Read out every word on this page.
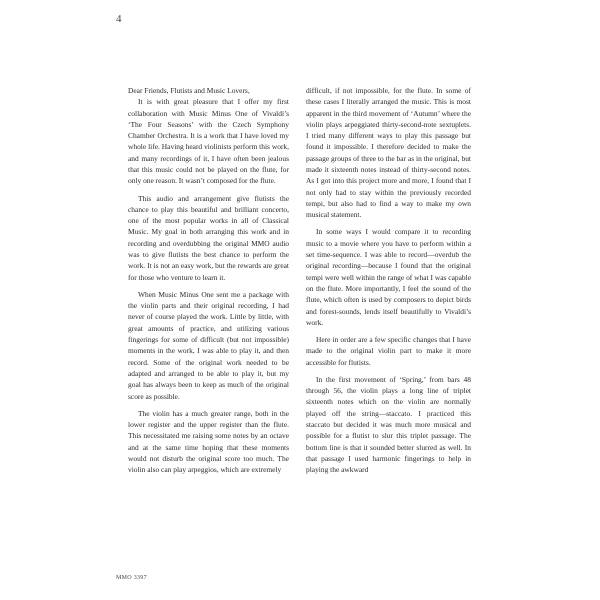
4

Dear Friends, Flutists and Music Lovers,

It is with great pleasure that I offer my first collaboration with Music Minus One of Vivaldi’s ‘The Four Seasons’ with the Czech Symphony Chamber Orchestra. It is a work that I have loved my whole life. Having heard violinists perform this work, and many recordings of it, I have often been jealous that this music could not be played on the flute, for only one reason. It wasn’t composed for the flute.

This audio and arrangement give flutists the chance to play this beautiful and brilliant concerto, one of the most popular works in all of Classical Music. My goal in both arranging this work and in recording and overdubbing the original MMO audio was to give flutists the best chance to perform the work. It is not an easy work, but the rewards are great for those who venture to learn it.

When Music Minus One sent me a package with the violin parts and their original recording, I had never of course played the work. Little by little, with great amounts of practice, and utilizing various fingerings for some of difficult (but not impossible) moments in the work, I was able to play it, and then record. Some of the original work needed to be adapted and arranged to be able to play it, but my goal has always been to keep as much of the original score as possible.

The violin has a much greater range, both in the lower register and the upper register than the flute. This necessitated me raising some notes by an octave and at the same time hoping that these moments would not disturb the original score too much. The violin also can play arpeggios, which are extremely

difficult, if not impossible, for the flute. In some of these cases I literally arranged the music. This is most apparent in the third movement of ‘Autumn’ where the violin plays arpeggiated thirty-second-note sextuplets. I tried many different ways to play this passage but found it impossible. I therefore decided to make the passage groups of three to the bar as in the original, but made it sixteenth notes instead of thirty-second notes. As I got into this project more and more, I found that I not only had to stay within the previously recorded tempi, but also had to find a way to make my own musical statement.

In some ways I would compare it to recording music to a movie where you have to perform within a set time-sequence. I was able to record—overdub the original recording—because I found that the original tempi were well within the range of what I was capable on the flute. More importantly, I feel the sound of the flute, which often is used by composers to depict birds and forest-sounds, lends itself beautifully to Vivaldi’s work.

Here in order are a few specific changes that I have made to the original violin part to make it more accessible for flutists.

In the first movement of ‘Spring,’ from bars 48 through 56, the violin plays a long line of triplet sixteenth notes which on the violin are normally played off the string—staccato. I practiced this staccato but decided it was much more musical and possible for a flutist to slur this triplet passage. The bottom line is that it sounded better slurred as well. In that passage I used harmonic fingerings to help in playing the awkward

MMO 3397
